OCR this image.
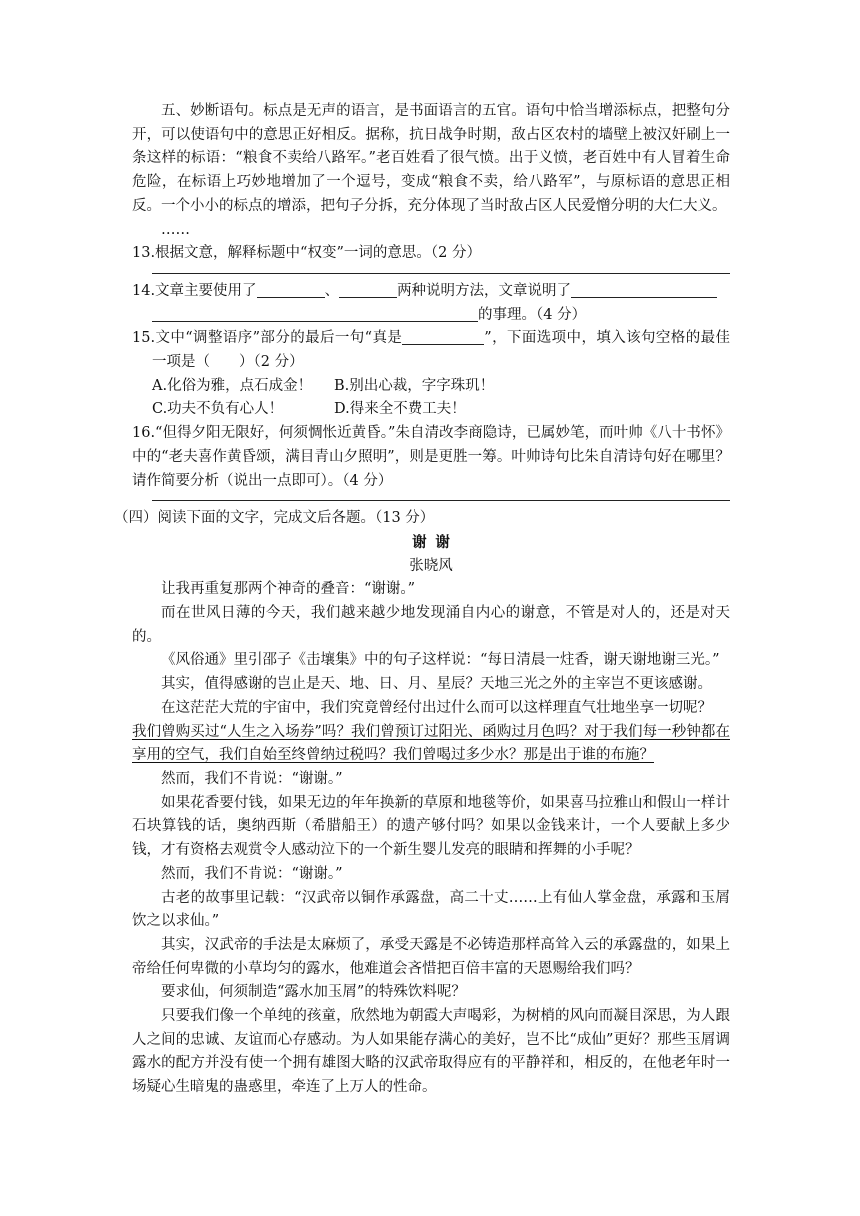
五、妙断语句。标点是无声的语言，是书面语言的五官。语句中恰当增添标点，把整句分开，可以使语句中的意思正好相反。据称，抗日战争时期，敌占区农村的墙壁上被汉奸刷上一条这样的标语：“粮食不卖给八路军。”老百姓看了很气愤。出于义愤，老百姓中有人冒着生命危险，在标语上巧妙地增加了一个逗号，变成“粮食不卖，给八路军”，与原标语的意思正相反。一个小小的标点的增添，把句子分拆，充分体现了当时敌占区人民爱憎分明的大仁大义。

……

13.根据文意，解释标题中“权变”一词的意思。（2 分）

14.文章主要使用了	、	两种说明方法，文章说明了

的事理。（4 分）

15.文中“调整语序”部分的最后一句“真是	”，下面选项中，填入该句空格的最佳一项是（　　）（2 分）

A.化俗为雅，点石成金！	B.别出心裁，字字珠玑！
C.功夫不负有心人！	D.得来全不费工夫！

16.“但得夕阳无限好，何须惆怅近黄昏。”朱自清改李商隐诗，已属妙笔，而叶帅《八十书怀》中的“老夫喜作黄昏颂，满目青山夕照明”，则是更胜一筹。叶帅诗句比朱自清诗句好在哪里？请作简要分析（说出一点即可）。（4 分）

（四）阅读下面的文字，完成文后各题。（13 分）

谢谢
张晓风

让我再重复那两个神奇的叠音：“谢谢。”

而在世风日薄的今天，我们越来越少地发现涌自内心的谢意，不管是对人的，还是对天的。

《风俗通》里引邵子《击壤集》中的句子这样说：“每日清晨一炷香，谢天谢地谢三光。”

其实，值得感谢的岂止是天、地、日、月、星辰？天地三光之外的主宰岂不更该感谢。

在这茫茫大荒的宇宙中，我们究竟曾经付出过什么而可以这样理直气壮地坐享一切呢？

我们曾购买过“人生之入场券”吗？我们曾预订过阳光、函购过月色吗？对于我们每一秒钟都在享用的空气，我们自始至终曾纳过税吗？我们曾喝过多少水？那是出于谁的布施？

然而，我们不肯说：“谢谢。”

如果花香要付钱，如果无边的年年换新的草原和地毯等价，如果喜马拉雅山和假山一样计石块算钱的话，奥纳西斯（希腊船王）的遗产够付吗？如果以金钱来计，一个人要献上多少钱，才有资格去观赏令人感动泣下的一个新生婴儿发亮的眼睛和挥舞的小手呢？

然而，我们不肯说：“谢谢。”

古老的故事里记载：“汉武帝以铜作承露盘，高二十丈……上有仙人掌金盘，承露和玉屑饮之以求仙。”

其实，汉武帝的手法是太麻烦了，承受天露是不必铸造那样高耸入云的承露盘的，如果上帝给任何卑微的小草均匀的露水，他难道会吝惜把百倍丰富的天恩赐给我们吗？

要求仙，何须制造“露水加玉屑”的特殊饮料呢？

只要我们像一个单纯的孩童，欣然地为朝霞大声喝彩，为树梢的风向而凝目深思，为人跟人之间的忠诚、友谊而心存感动。为人如果能存满心的美好，岂不比“成仙”更好？那些玉屑调露水的配方并没有使一个拥有雄图大略的汉武帝取得应有的平静祥和，相反的，在他老年时一场疑心生暗鬼的蛊惑里，牵连了上万人的性命。
